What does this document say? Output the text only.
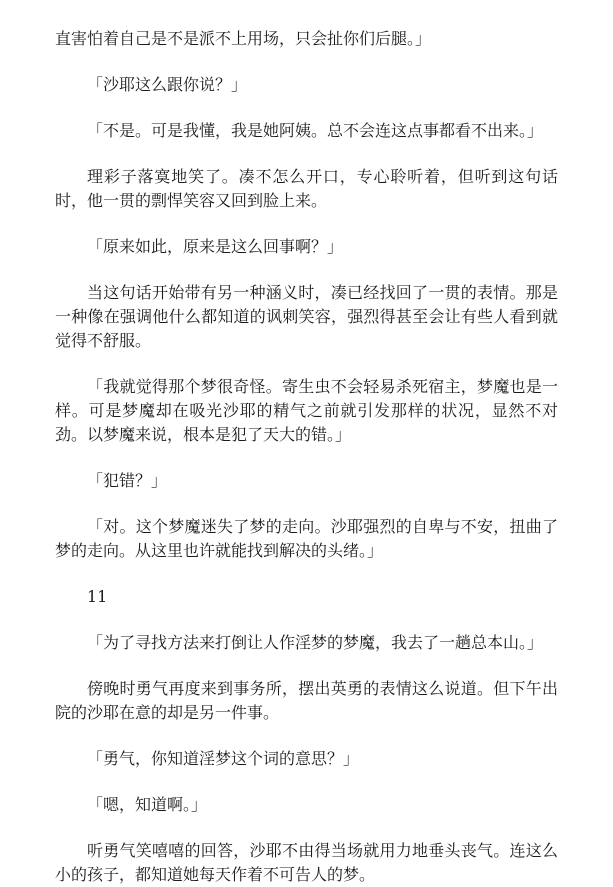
直害怕着自己是不是派不上用场，只会扯你们后腿。」

「沙耶这么跟你说？」

「不是。可是我懂，我是她阿姨。总不会连这点事都看不出来。」

理彩子落寞地笑了。凑不怎么开口，专心聆听着，但听到这句话时，他一贯的剽悍笑容又回到脸上来。

「原来如此，原来是这么回事啊？」

当这句话开始带有另一种涵义时，凑已经找回了一贯的表情。那是一种像在强调他什么都知道的讽刺笑容，强烈得甚至会让有些人看到就觉得不舒服。

「我就觉得那个梦很奇怪。寄生虫不会轻易杀死宿主，梦魔也是一样。可是梦魔却在吸光沙耶的精气之前就引发那样的状况，显然不对劲。以梦魔来说，根本是犯了天大的错。」

「犯错？」

「对。这个梦魔迷失了梦的走向。沙耶强烈的自卑与不安，扭曲了梦的走向。从这里也许就能找到解决的头绪。」

11

「为了寻找方法来打倒让人作淫梦的梦魔，我去了一趟总本山。」

傍晚时勇气再度来到事务所，摆出英勇的表情这么说道。但下午出院的沙耶在意的却是另一件事。

「勇气，你知道淫梦这个词的意思？」

「嗯，知道啊。」

听勇气笑嘻嘻的回答，沙耶不由得当场就用力地垂头丧气。连这么小的孩子，都知道她每天作着不可告人的梦。
